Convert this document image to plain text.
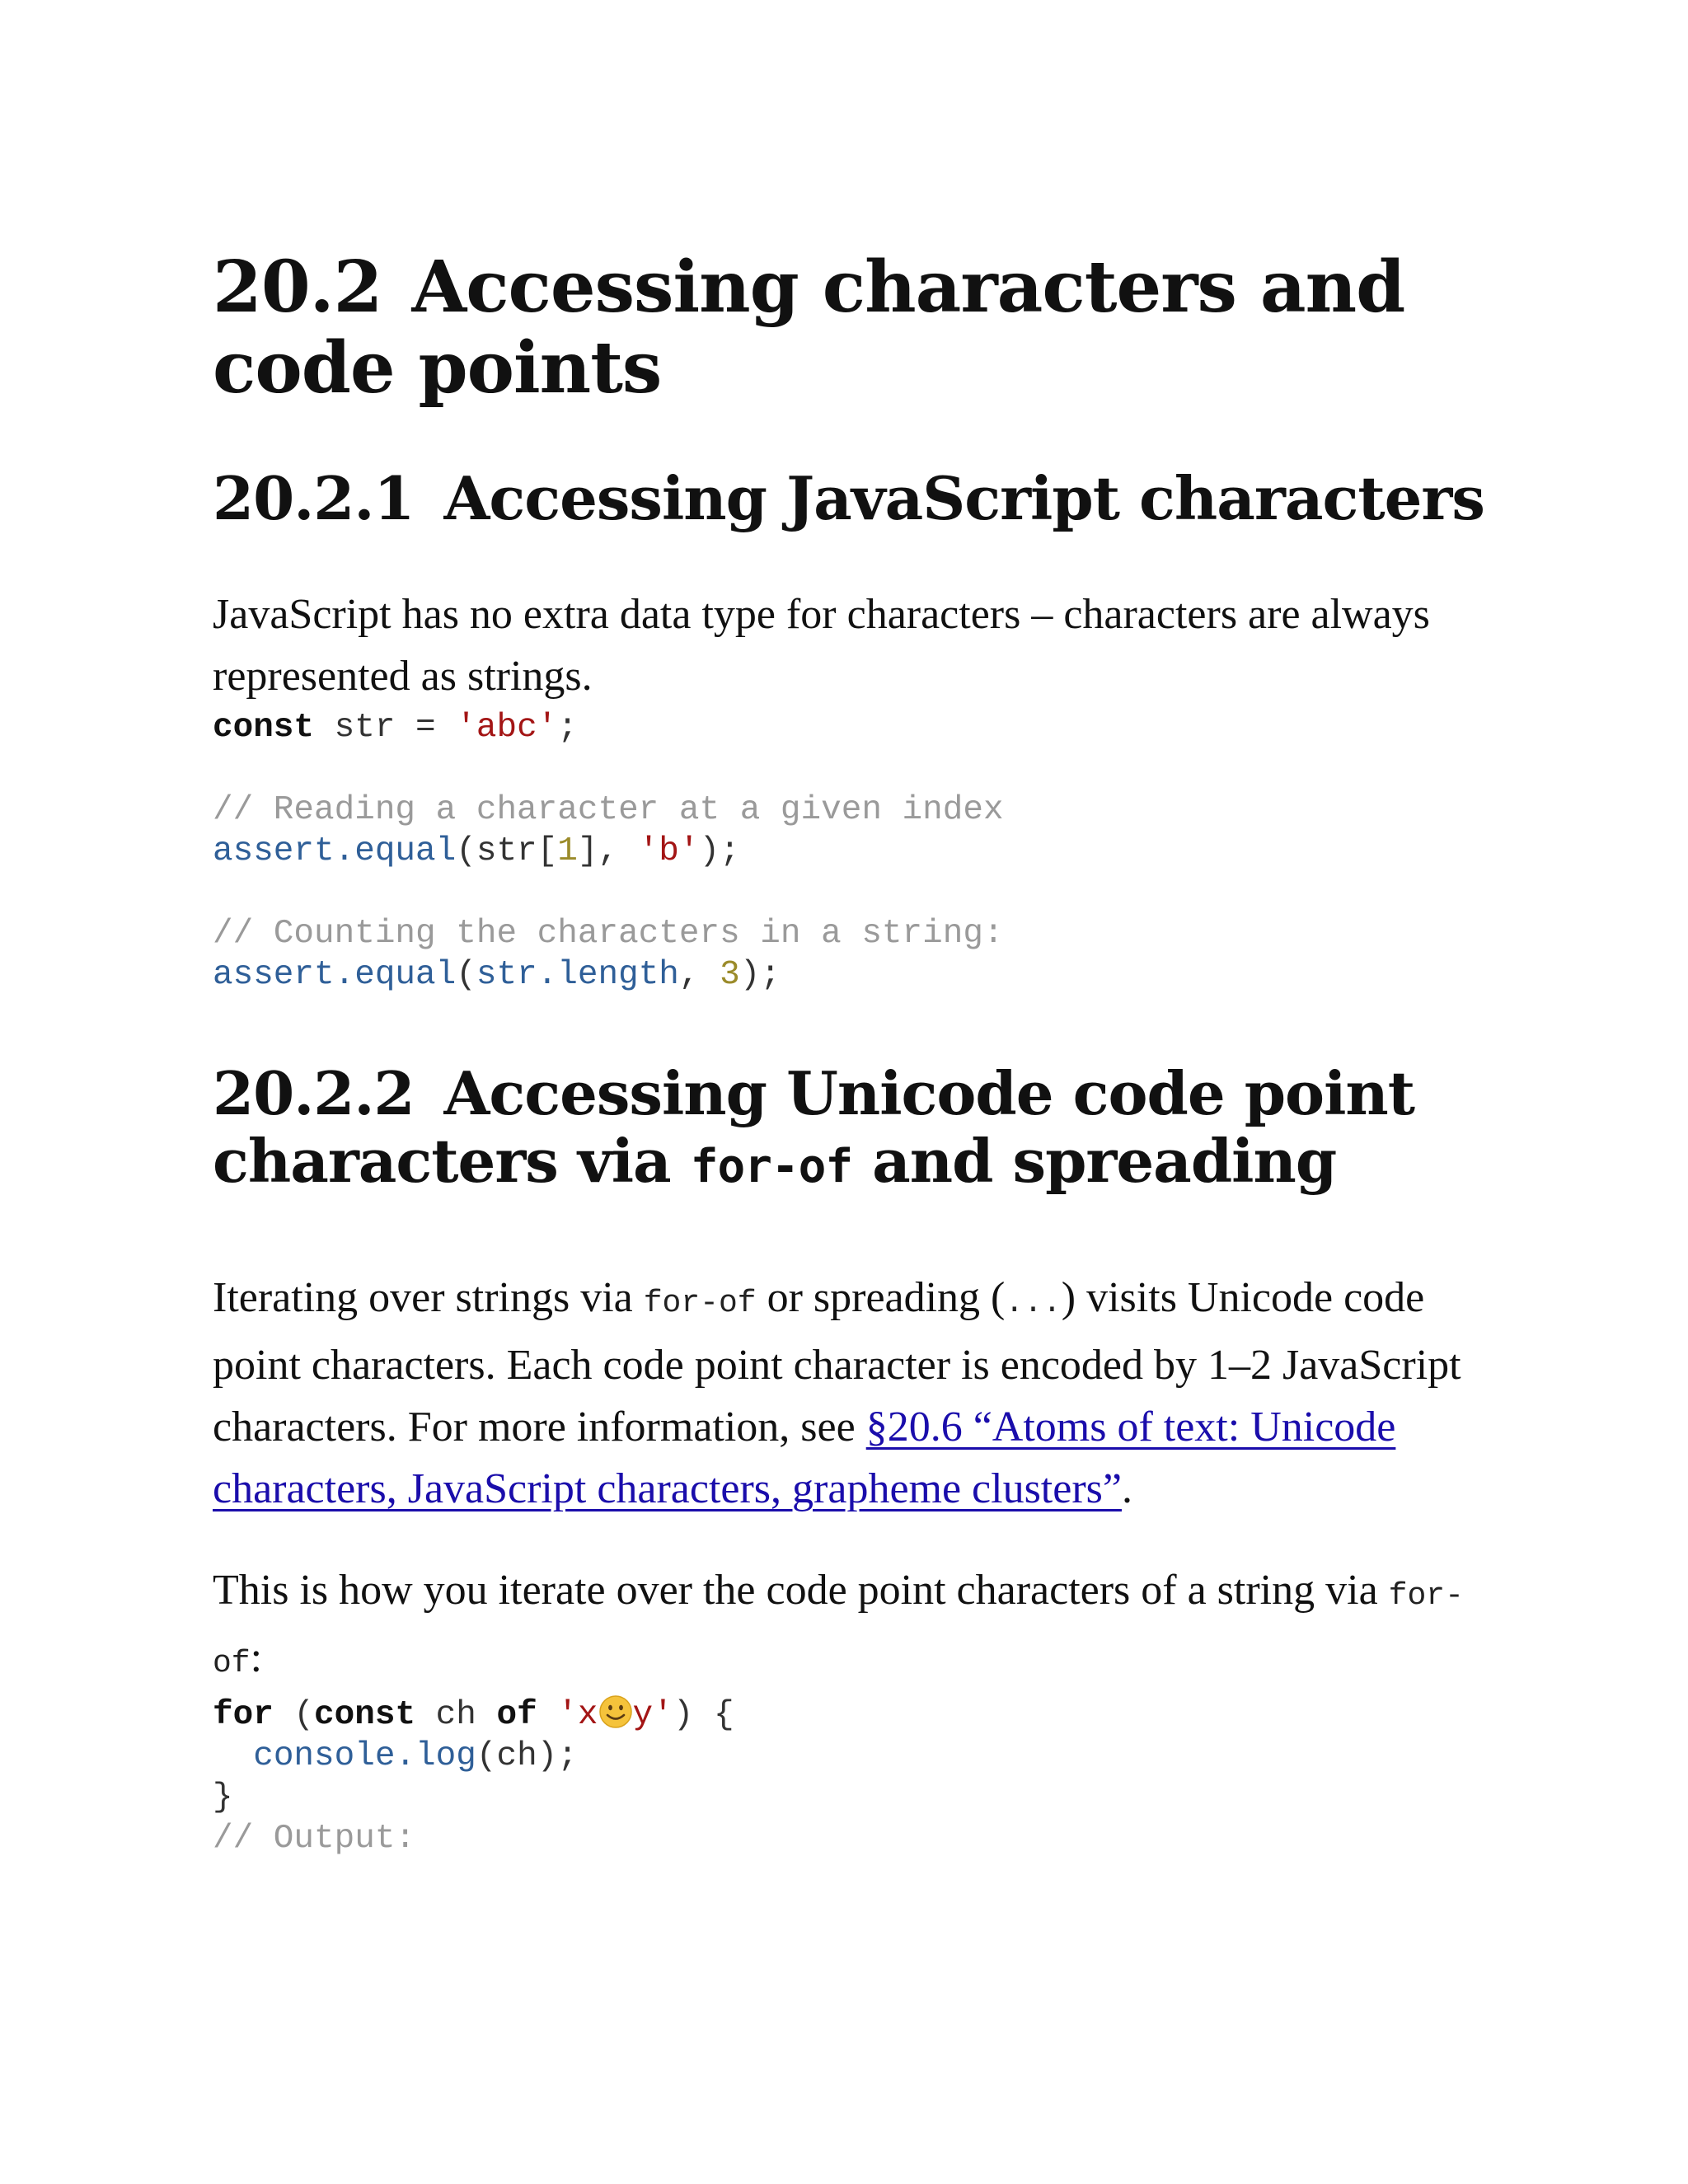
20.2 Accessing characters and code points
20.2.1 Accessing JavaScript characters

JavaScript has no extra data type for characters – characters are always represented as strings.

const str = 'abc';
// Reading a character at a given index
assert.equal(str[1], 'b');
// Counting the characters in a string:
assert.equal(str.length, 3);
20.2.2 Accessing Unicode code point characters via for-of and spreading

Iterating over strings via for-of or spreading (...) visits Unicode code point characters. Each code point character is encoded by 1–2 JavaScript characters. For more information, see §20.6 “Atoms of text: Unicode characters, JavaScript characters, grapheme clusters”.

This is how you iterate over the code point characters of a string via for-of:

for (const ch of 'x y') {
console.log(ch);
}
// Output:
